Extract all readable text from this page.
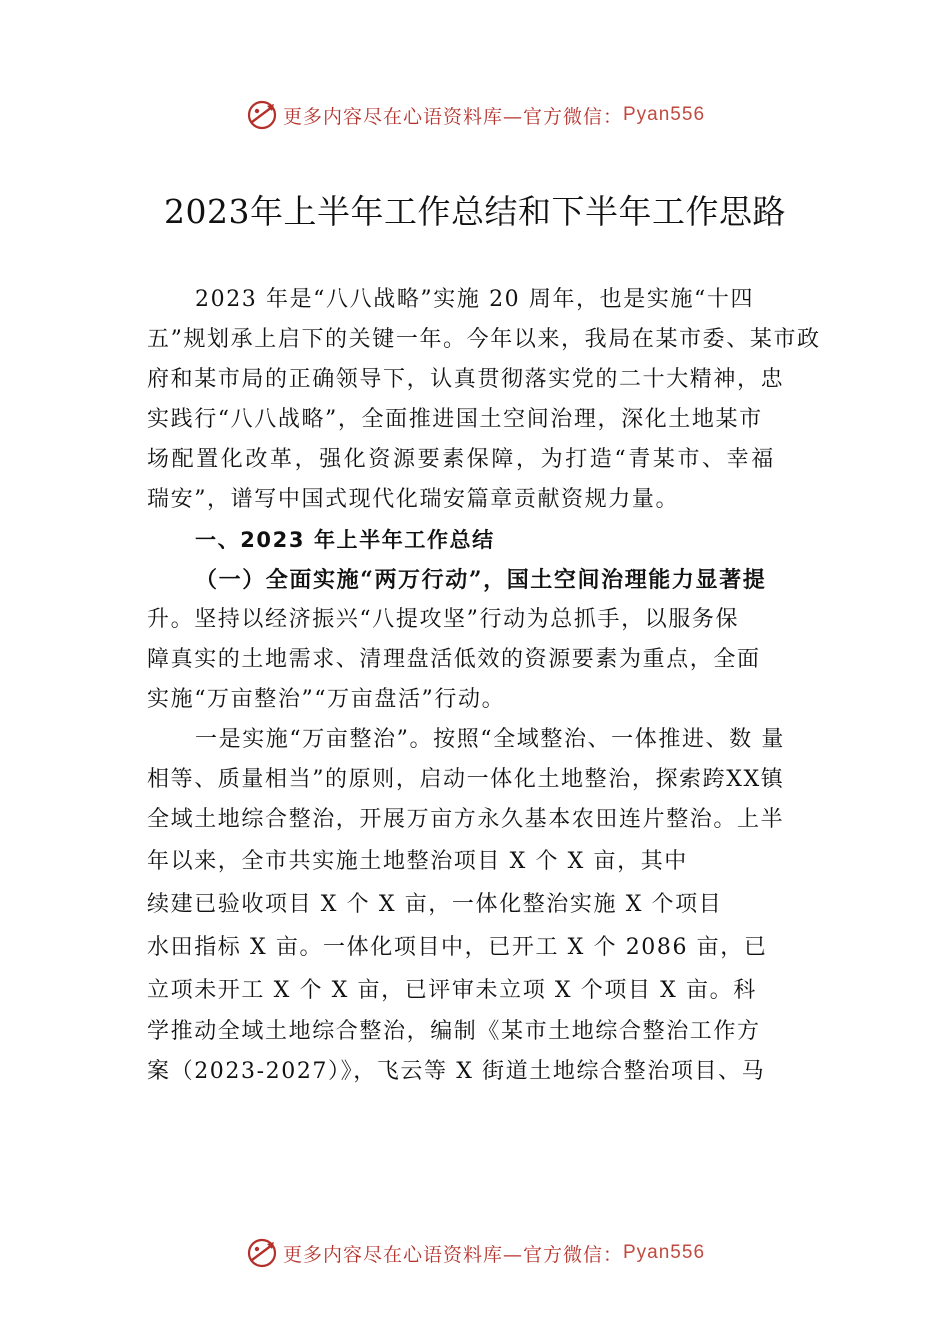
更多内容尽在心语资料库—官方微信： Pyan556
2023年上半年工作总结和下半年工作思路
2023 年是“八八战略”实施 20 周年，也是实施“十四
五”规划承上启下的关键一年。今年以来，我局在某市委、某市政
府和某市局的正确领导下，认真贯彻落实党的二十大精神，忠
实践行“八八战略”，全面推进国土空间治理，深化土地某市
场配置化改革，强化资源要素保障，为打造“青某市、幸福
瑞安”，谱写中国式现代化瑞安篇章贡献资规力量。
一、2023 年上半年工作总结
（一）全面实施“两万行动”，国土空间治理能力显著提
升。坚持以经济振兴“八提攻坚”行动为总抓手，以服务保
障真实的土地需求、清理盘活低效的资源要素为重点，全面
实施“万亩整治”“万亩盘活”行动。
一是实施“万亩整治”。按照“全域整治、一体推进、数 量
相等、质量相当”的原则，启动一体化土地整治，探索跨XX镇
全域土地综合整治，开展万亩方永久基本农田连片整治。上半
年以来，全市共实施土地整治项目 X 个 X 亩，其中
续建已验收项目 X 个 X 亩，一体化整治实施 X 个项目
水田指标 X 亩。一体化项目中，已开工 X 个 2086 亩，已
立项未开工 X 个 X 亩，已评审未立项 X 个项目 X 亩。科
学推动全域土地综合整治，编制《某市土地综合整治工作方
案（2023-2027）》，飞云等 X 街道土地综合整治项目、马
更多内容尽在心语资料库—官方微信： Pyan556
